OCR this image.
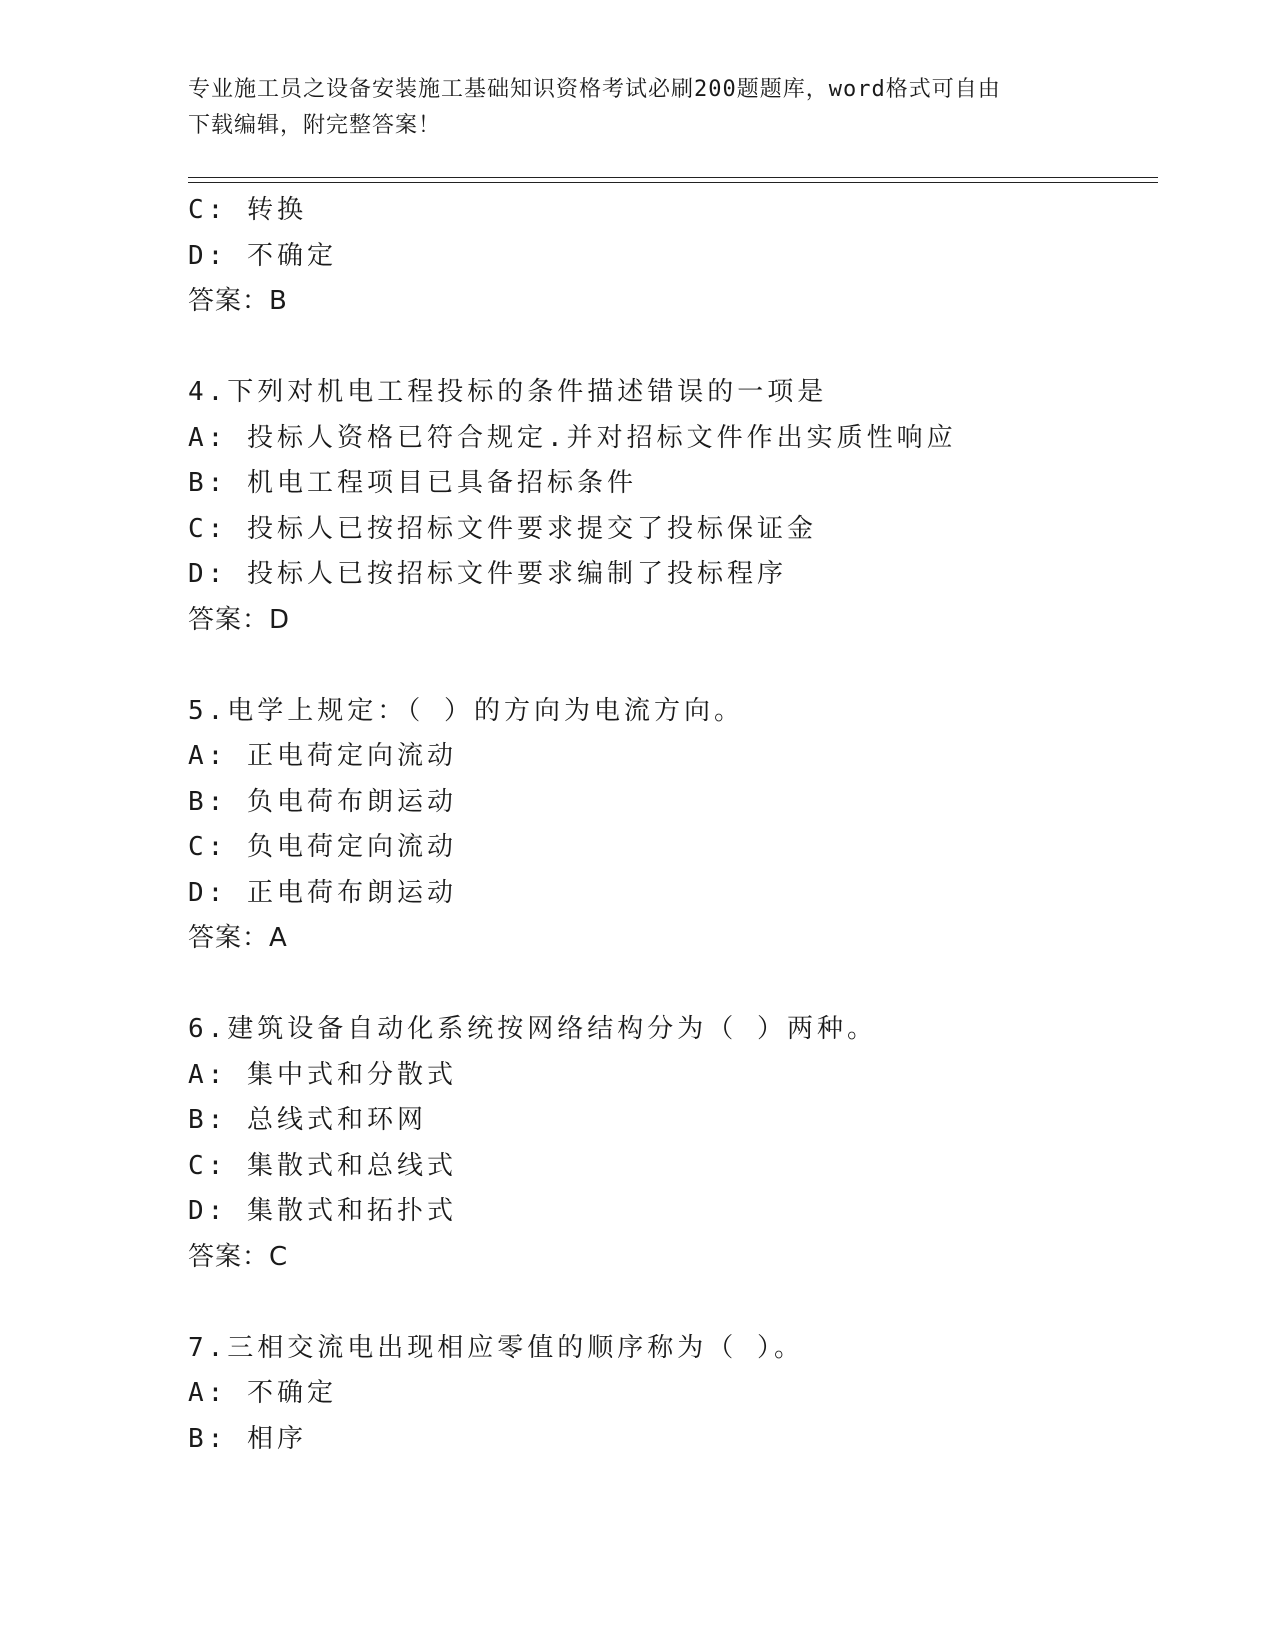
专业施工员之设备安装施工基础知识资格考试必刷200题题库，word格式可自由
下载编辑，附完整答案！
C: 转换
D: 不确定
答案：B
4.下列对机电工程投标的条件描述错误的一项是
A: 投标人资格已符合规定.并对招标文件作出实质性响应
B: 机电工程项目已具备招标条件
C: 投标人已按招标文件要求提交了投标保证金
D: 投标人已按招标文件要求编制了投标程序
答案：D
5.电学上规定：（ ）的方向为电流方向。
A: 正电荷定向流动
B: 负电荷布朗运动
C: 负电荷定向流动
D: 正电荷布朗运动
答案：A
6.建筑设备自动化系统按网络结构分为（ ）两种。
A: 集中式和分散式
B: 总线式和环网
C: 集散式和总线式
D: 集散式和拓扑式
答案：C
7.三相交流电出现相应零值的顺序称为（ ）。
A: 不确定
B: 相序
